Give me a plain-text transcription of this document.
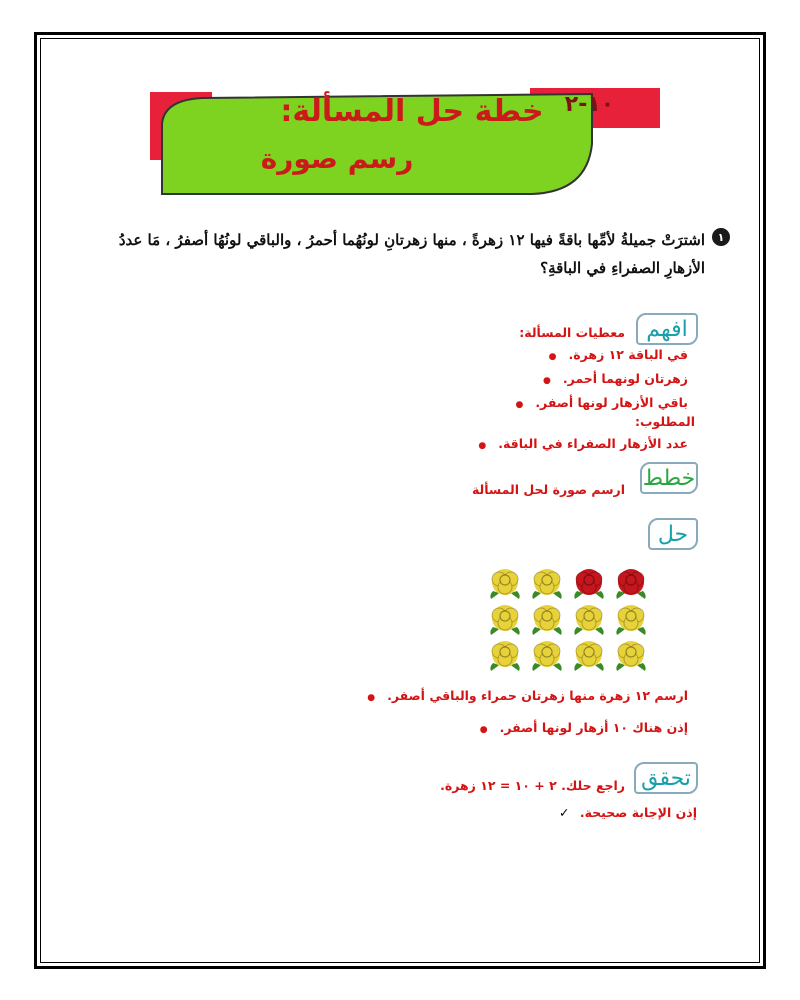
١٠-٢
خطة حل المسألة:
رسم صورة
١
اشترَتْ جميلةُ لأمِّها باقةً فيها ١٢ زهرةً ، منها زهرتانِ لونُهُما أحمرُ ، والباقي لونُهُا أصفرُ ، مَا عددُ الأزهارِ الصفراءِ في الباقةِ؟
افهم
معطيات المسألة:
في الباقة ١٢ زهرة. ●
زهرتان لونهما أحمر. ●
باقي الأزهار لونها أصفر. ●
المطلوب:
عدد الأزهار الصفراء في الباقة. ●
خطط
ارسم صورة لحل المسألة
حل
ارسم ١٢ زهرة منها زهرتان حمراء والباقي أصفر. ●
إذن هناك ١٠ أزهار لونها أصفر. ●
تحقق
راجع حلك. ٢ + ١٠ = ١٢ زهرة.
إذن الإجابة صحيحة. ✓
